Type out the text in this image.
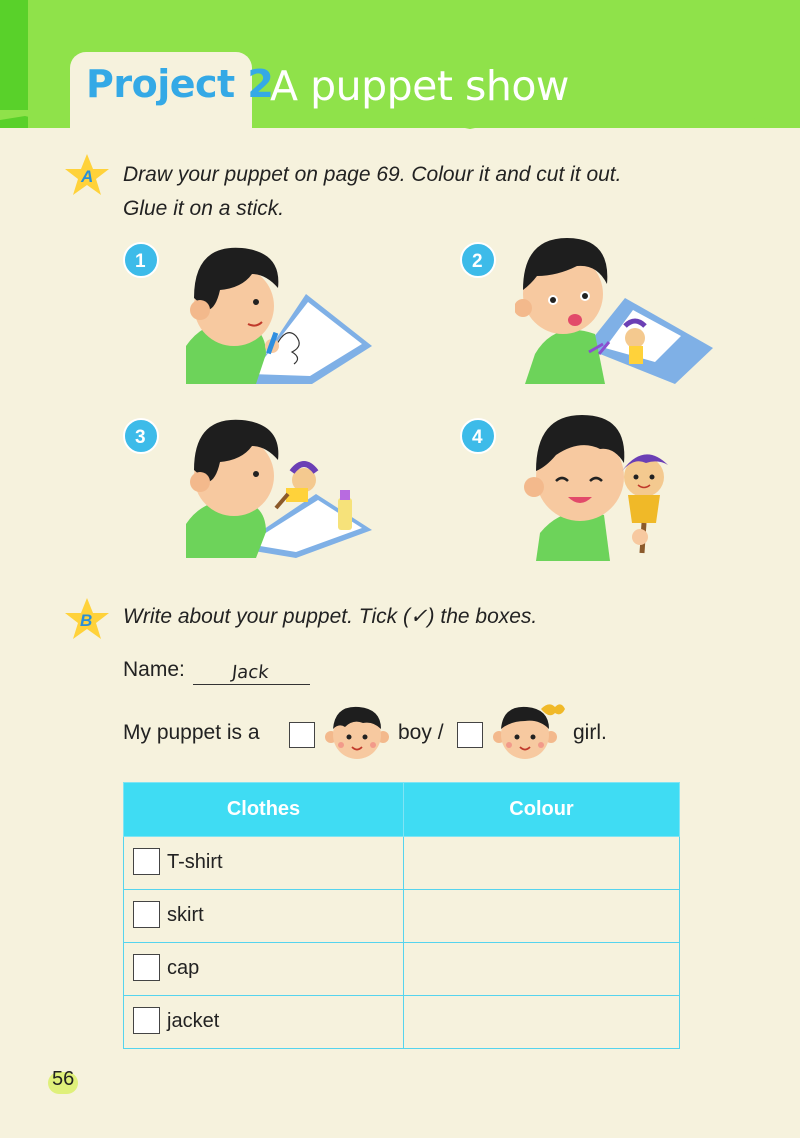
Project 2
A puppet show
A Draw your puppet on page 69. Colour it and cut it out.
Glue it on a stick.
1	2
3	4
B Write about your puppet. Tick (✓) the boxes.
Name:	Jack
My puppet is a	boy /	girl.
Clothes	Colour

T-shirt	

skirt	

cap	

jacket	

56
